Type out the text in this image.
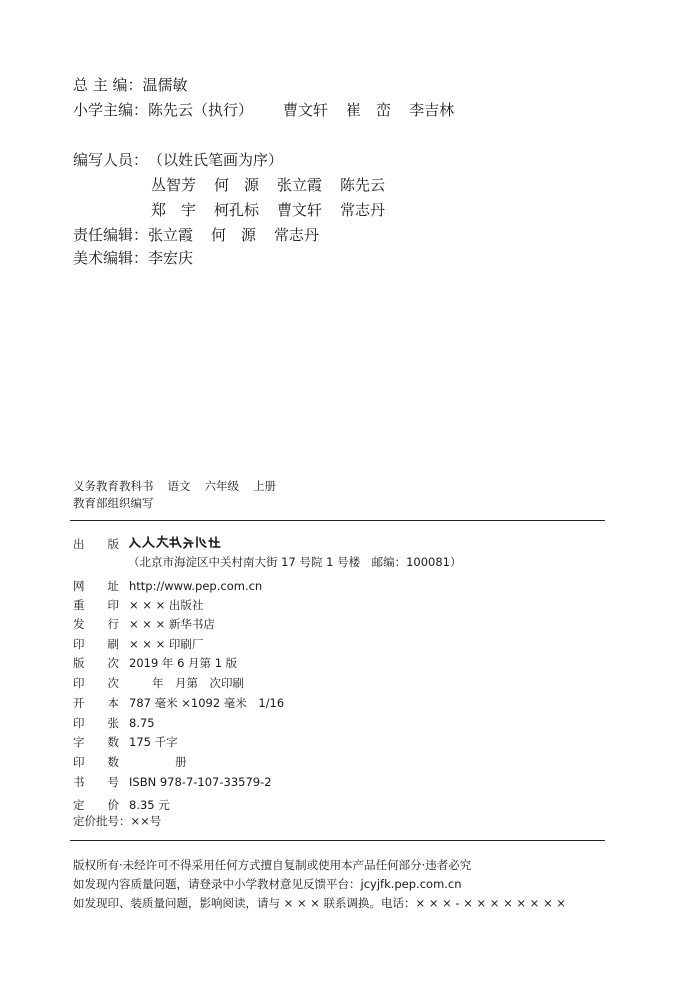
总 主 编：温儒敏
小学主编：陈先云（执行） 曹文轩 崔　峦 李吉林
编写人员：（以姓氏笔画为序）
丛智芳 何　源 张立霞 陈先云
郑　宇 柯孔标 曹文轩 常志丹
责任编辑：张立霞 何　源 常志丹
美术编辑：李宏庆
义务教育教科书 语文 六年级 上册
教育部组织编写
出　　版
（北京市海淀区中关村南大街 17 号院 1 号楼　邮编：100081）
网　　址 http://www.pep.com.cn
重　　印 × × × 出版社
发　　行 × × × 新华书店
印　　刷 × × × 印刷厂
版　　次 2019 年 6 月第 1 版
印　　次　　年　月第　次印刷
开　　本 787 毫米 ×1092 毫米　1/16
印　　张 8.75
字　　数 175 千字
印　　数　　　　册
书　　号 ISBN 978-7-107-33579-2
定　　价 8.35 元
定价批号：××号
版权所有·未经许可不得采用任何方式擅自复制或使用本产品任何部分·违者必究
如发现内容质量问题，请登录中小学教材意见反馈平台：jcyjfk.pep.com.cn
如发现印、装质量问题，影响阅读，请与 × × × 联系调换。电话：× × × - × × × × × × × ×
